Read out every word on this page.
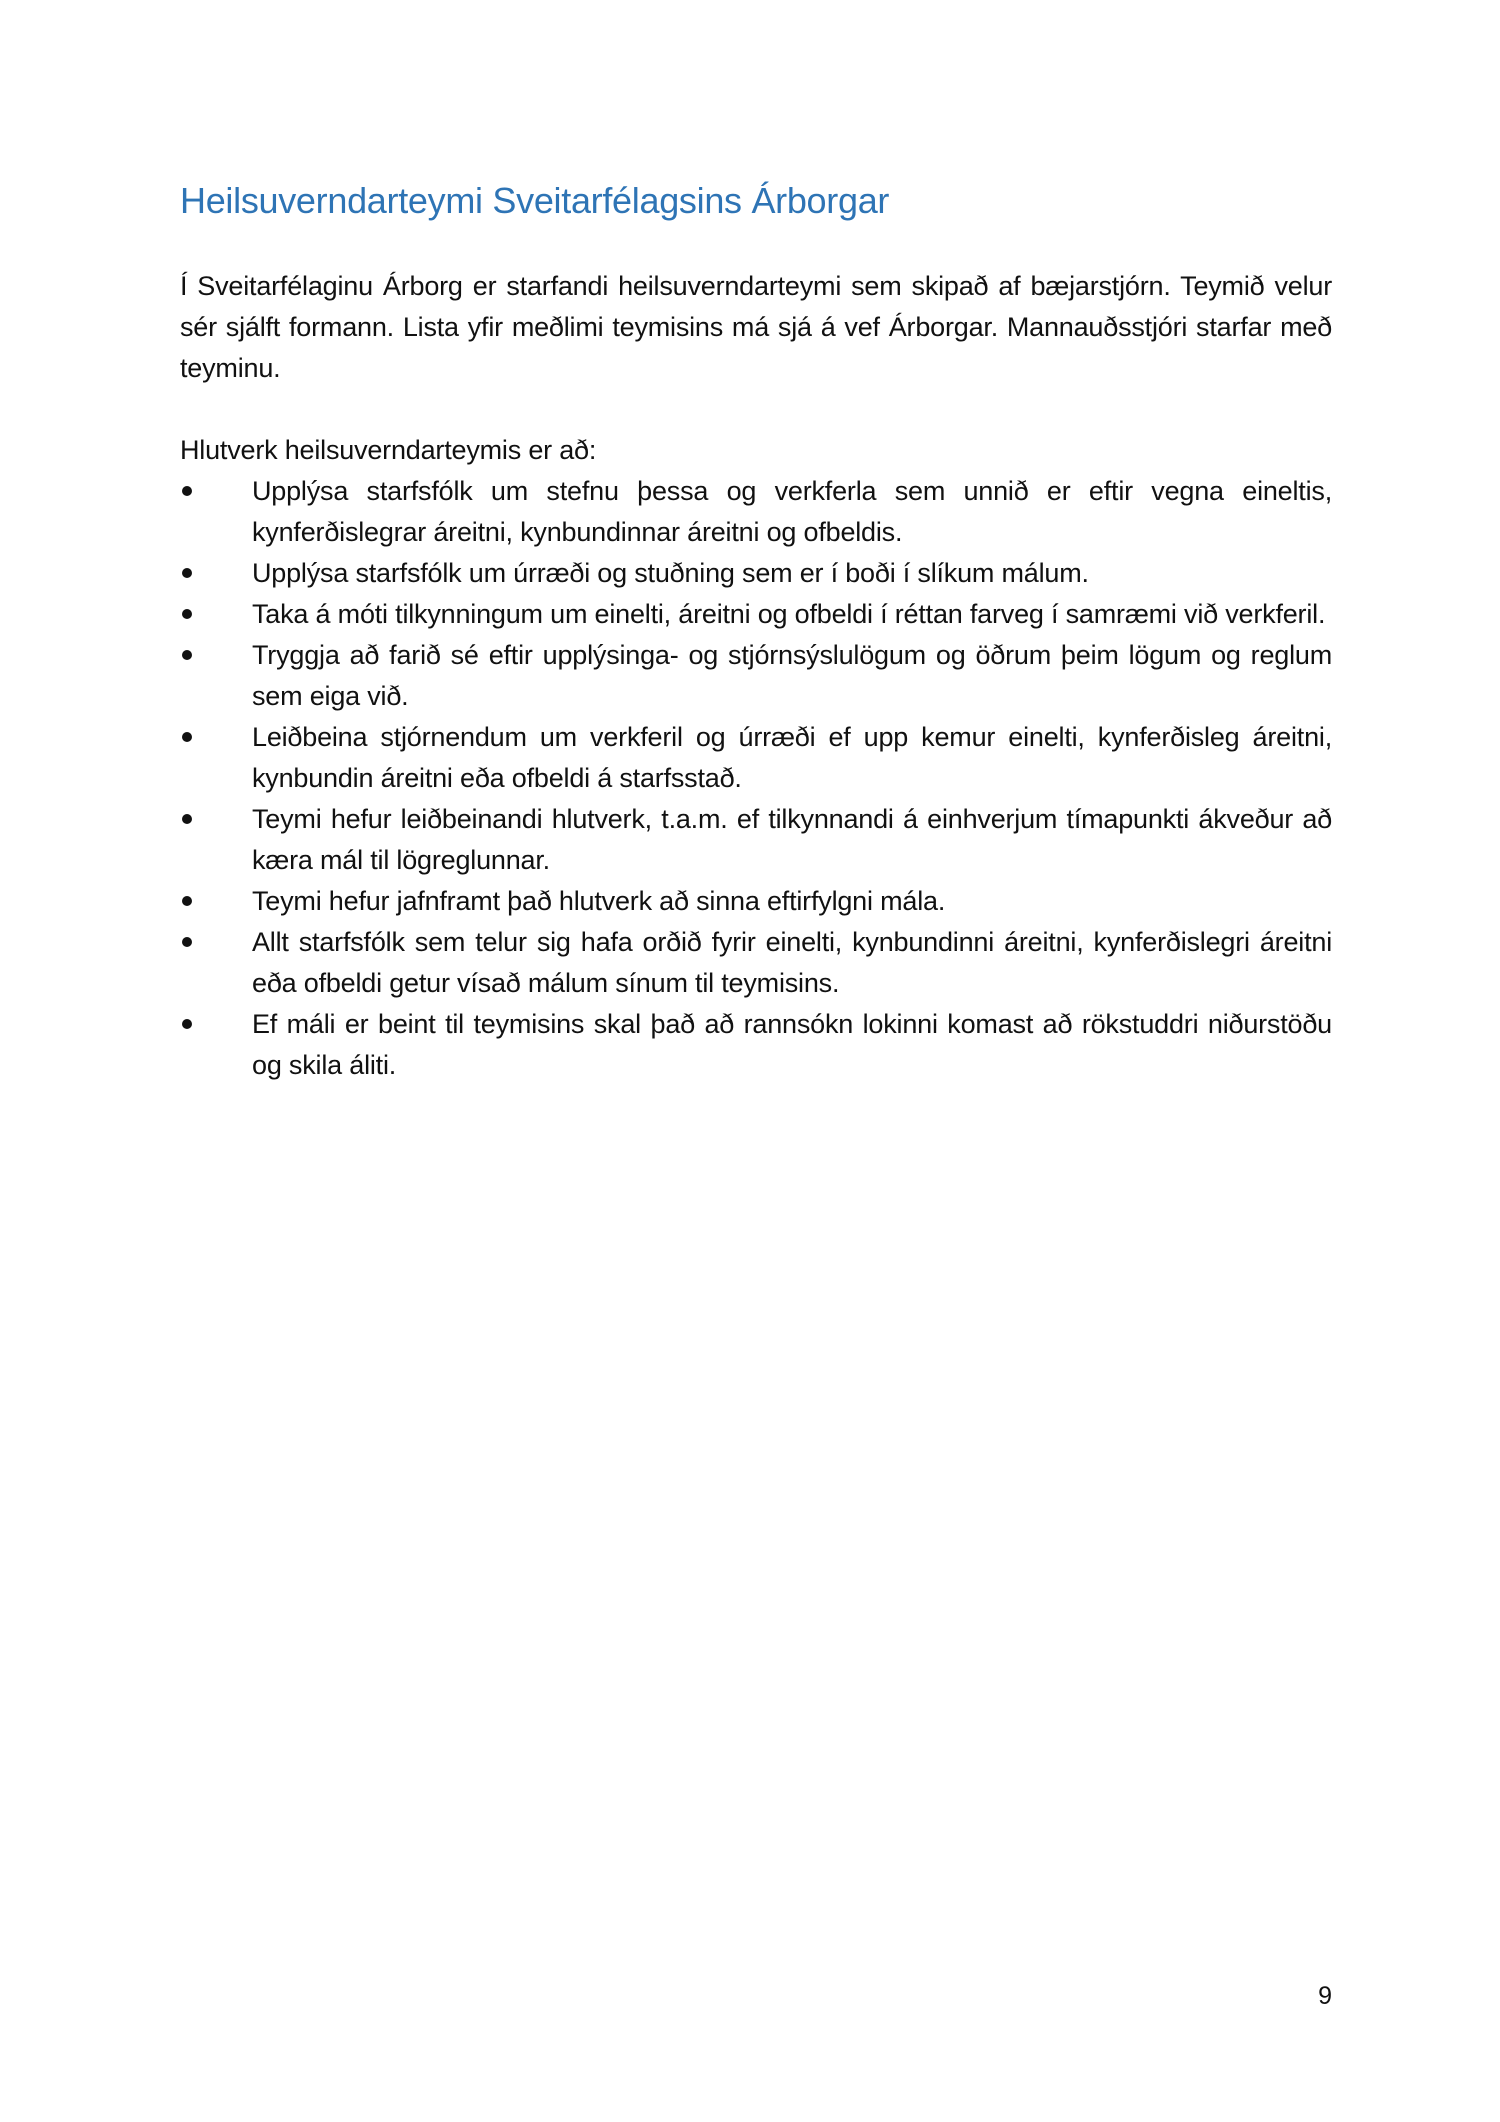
Heilsuverndarteymi Sveitarfélagsins Árborgar

Í Sveitarfélaginu Árborg er starfandi heilsuverndarteymi sem skipað af bæjarstjórn. Teymið velur sér sjálft formann. Lista yfir meðlimi teymisins má sjá á vef Árborgar. Mannauðsstjóri starfar með teyminu.

Hlutverk heilsuverndarteymis er að:

Upplýsa starfsfólk um stefnu þessa og verkferla sem unnið er eftir vegna eineltis, kynferðislegrar áreitni, kynbundinnar áreitni og ofbeldis.
Upplýsa starfsfólk um úrræði og stuðning sem er í boði í slíkum málum.
Taka á móti tilkynningum um einelti, áreitni og ofbeldi í réttan farveg í samræmi við verkferil.
Tryggja að farið sé eftir upplýsinga- og stjórnsýslulögum og öðrum þeim lögum og reglum sem eiga við.
Leiðbeina stjórnendum um verkferil og úrræði ef upp kemur einelti, kynferðisleg áreitni, kynbundin áreitni eða ofbeldi á starfsstað.
Teymi hefur leiðbeinandi hlutverk, t.a.m. ef tilkynnandi á einhverjum tímapunkti ákveður að kæra mál til lögreglunnar.
Teymi hefur jafnframt það hlutverk að sinna eftirfylgni mála.
Allt starfsfólk sem telur sig hafa orðið fyrir einelti, kynbundinni áreitni, kynferðislegri áreitni eða ofbeldi getur vísað málum sínum til teymisins.
Ef máli er beint til teymisins skal það að rannsókn lokinni komast að rökstuddri niðurstöðu og skila áliti.
9
